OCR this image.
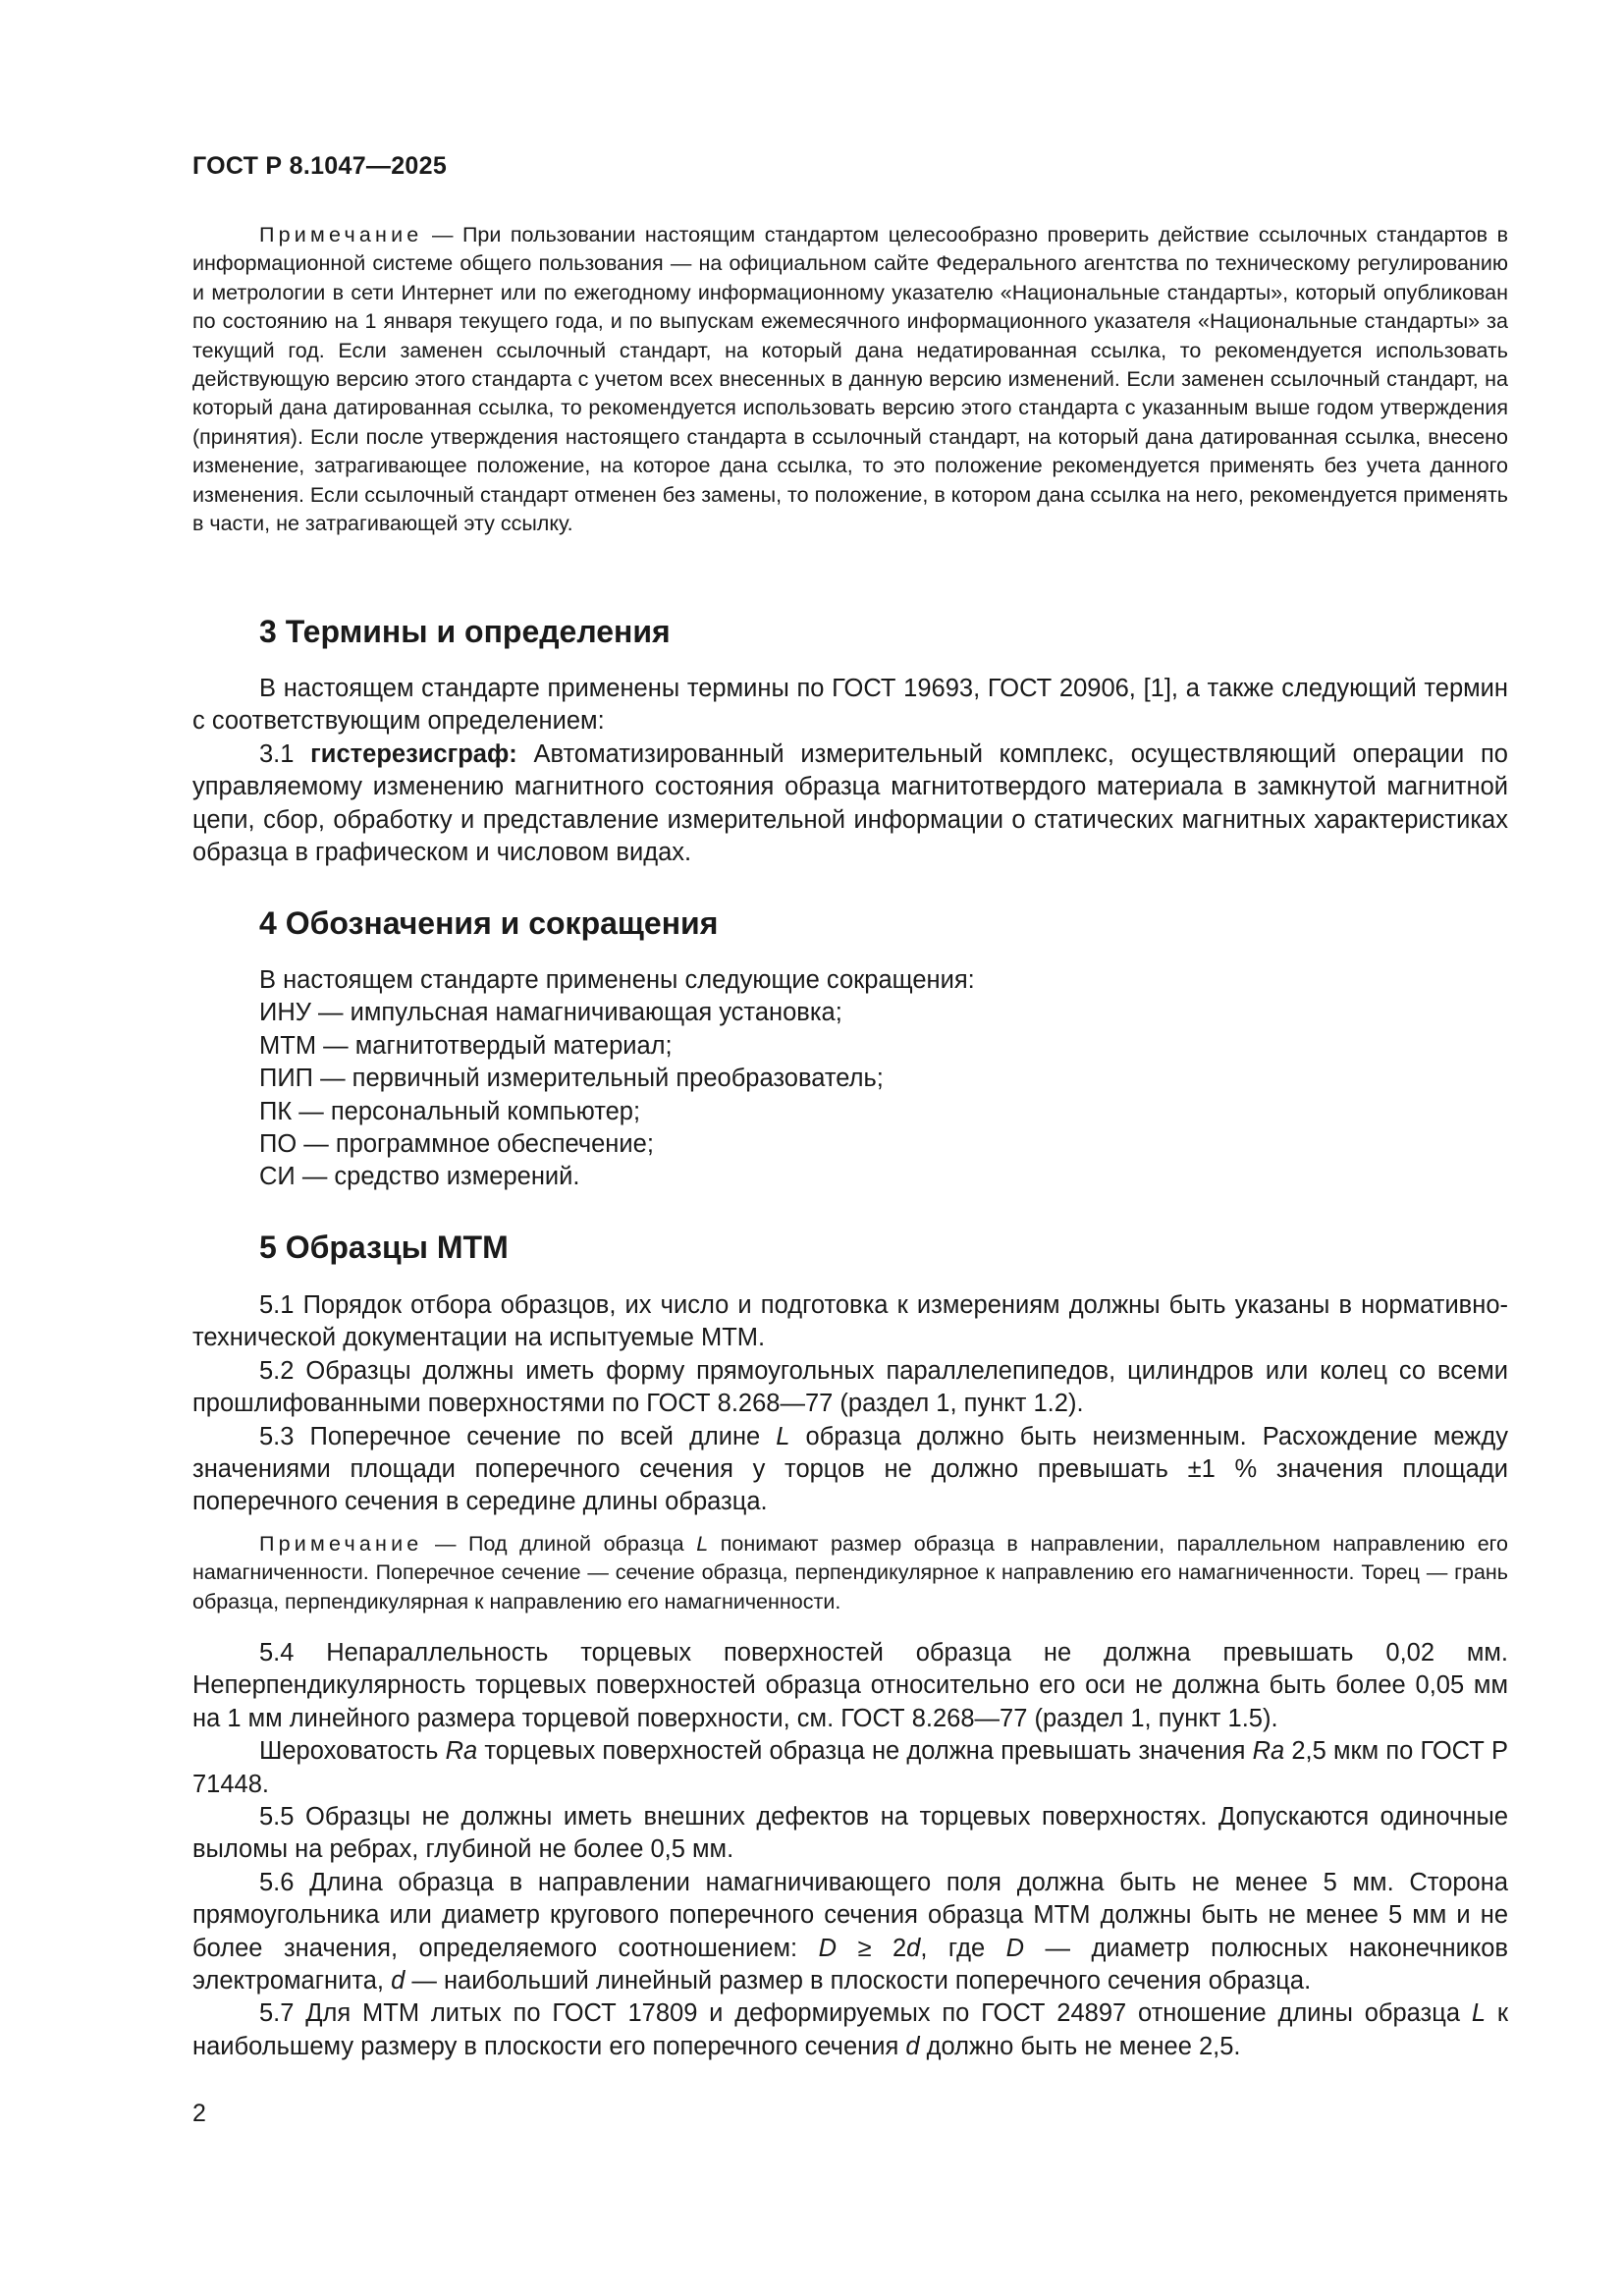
ГОСТ Р 8.1047—2025

Примечание — При пользовании настоящим стандартом целесообразно проверить действие ссылочных стандартов в информационной системе общего пользования — на официальном сайте Федерального агентства по техническому регулированию и метрологии в сети Интернет или по ежегодному информационному указателю «Национальные стандарты», который опубликован по состоянию на 1 января текущего года, и по выпускам ежемесячного информационного указателя «Национальные стандарты» за текущий год. Если заменен ссылочный стандарт, на который дана недатированная ссылка, то рекомендуется использовать действующую версию этого стандарта с учетом всех внесенных в данную версию изменений. Если заменен ссылочный стандарт, на который дана датированная ссылка, то рекомендуется использовать версию этого стандарта с указанным выше годом утверждения (принятия). Если после утверждения настоящего стандарта в ссылочный стандарт, на который дана датированная ссылка, внесено изменение, затрагивающее положение, на которое дана ссылка, то это положение рекомендуется применять без учета данного изменения. Если ссылочный стандарт отменен без замены, то положение, в котором дана ссылка на него, рекомендуется применять в части, не затрагивающей эту ссылку.

3 Термины и определения

В настоящем стандарте применены термины по ГОСТ 19693, ГОСТ 20906, [1], а также следующий термин с соответствующим определением:

3.1 гистерезисграф: Автоматизированный измерительный комплекс, осуществляющий операции по управляемому изменению магнитного состояния образца магнитотвердого материала в замкнутой магнитной цепи, сбор, обработку и представление измерительной информации о статических магнитных характеристиках образца в графическом и числовом видах.

4 Обозначения и сокращения

В настоящем стандарте применены следующие сокращения:

ИНУ — импульсная намагничивающая установка;

МТМ — магнитотвердый материал;

ПИП — первичный измерительный преобразователь;

ПК — персональный компьютер;

ПО — программное обеспечение;

СИ — средство измерений.

5 Образцы МТМ

5.1 Порядок отбора образцов, их число и подготовка к измерениям должны быть указаны в нормативно-технической документации на испытуемые МТМ.

5.2 Образцы должны иметь форму прямоугольных параллелепипедов, цилиндров или колец со всеми прошлифованными поверхностями по ГОСТ 8.268—77 (раздел 1, пункт 1.2).

5.3 Поперечное сечение по всей длине L образца должно быть неизменным. Расхождение между значениями площади поперечного сечения у торцов не должно превышать ±1 % значения площади поперечного сечения в середине длины образца.

Примечание — Под длиной образца L понимают размер образца в направлении, параллельном направлению его намагниченности. Поперечное сечение — сечение образца, перпендикулярное к направлению его намагниченности. Торец — грань образца, перпендикулярная к направлению его намагниченности.

5.4 Непараллельность торцевых поверхностей образца не должна превышать 0,02 мм. Неперпендикулярность торцевых поверхностей образца относительно его оси не должна быть более 0,05 мм на 1 мм линейного размера торцевой поверхности, см. ГОСТ 8.268—77 (раздел 1, пункт 1.5).

Шероховатость Ra торцевых поверхностей образца не должна превышать значения Ra 2,5 мкм по ГОСТ Р 71448.

5.5 Образцы не должны иметь внешних дефектов на торцевых поверхностях. Допускаются одиночные выломы на ребрах, глубиной не более 0,5 мм.

5.6 Длина образца в направлении намагничивающего поля должна быть не менее 5 мм. Сторона прямоугольника или диаметр кругового поперечного сечения образца МТМ должны быть не менее 5 мм и не более значения, определяемого соотношением: D ≥ 2d, где D — диаметр полюсных наконечников электромагнита, d — наибольший линейный размер в плоскости поперечного сечения образца.

5.7 Для МТМ литых по ГОСТ 17809 и деформируемых по ГОСТ 24897 отношение длины образца L к наибольшему размеру в плоскости его поперечного сечения d должно быть не менее 2,5.

2
